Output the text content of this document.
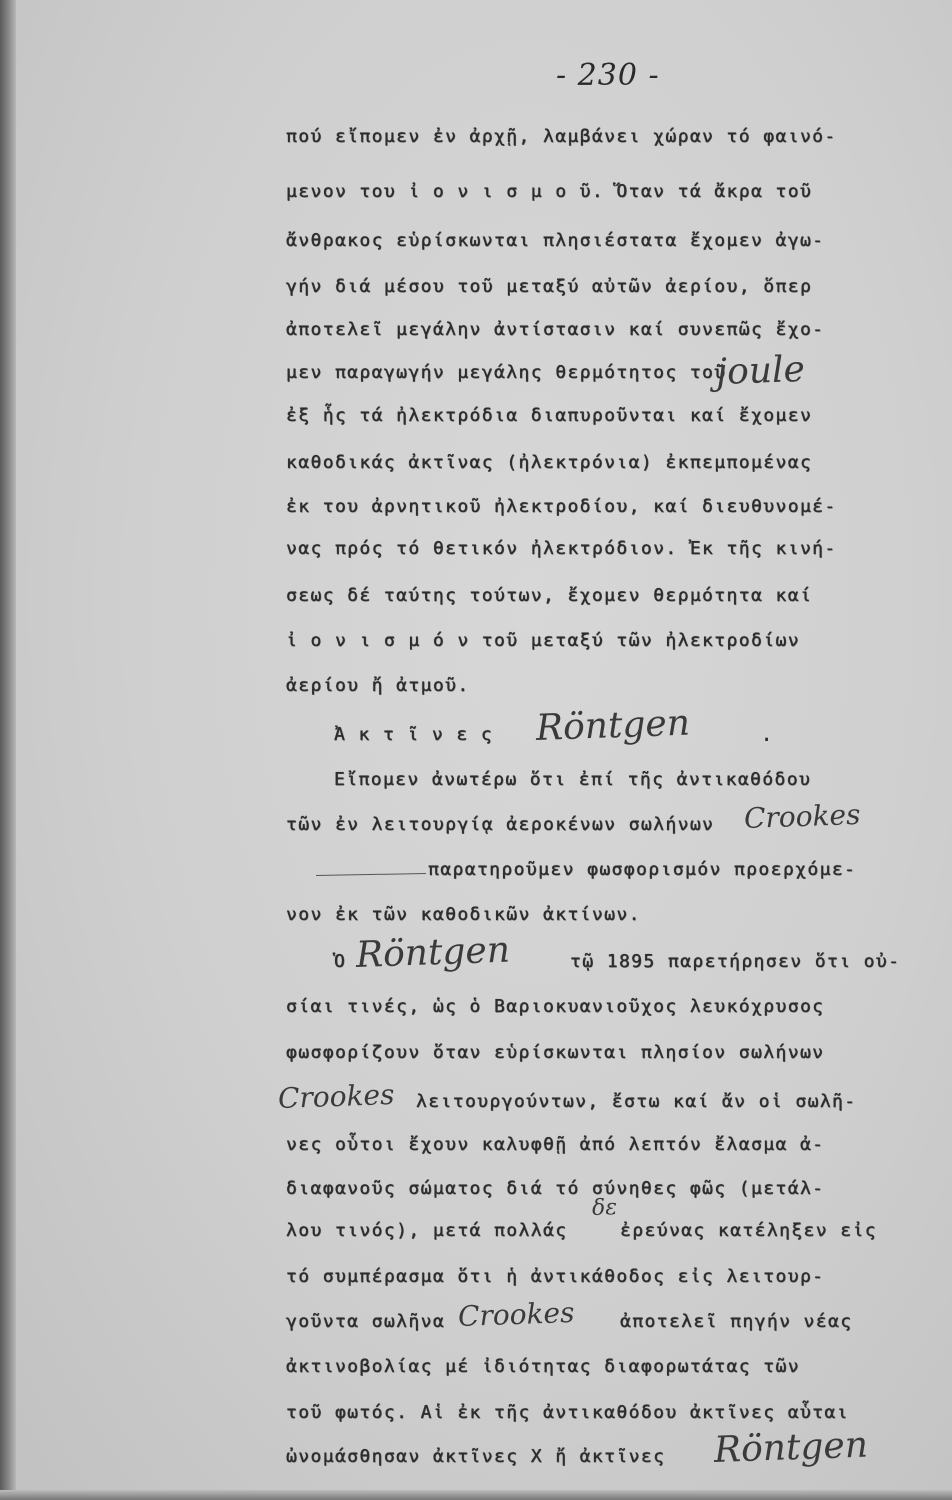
- 230 -
πού εἴπομεν ἐν ἀρχῇ, λαμβάνει χώραν τό φαινό-
μενον του ἰ ο ν ι σ μ ο ῦ. Ὅταν τά ἄκρα τοῦ
ἄνθρακος εὑρίσκωνται πλησιέστατα ἔχομεν ἀγω-
γήν διά μέσου τοῦ μεταξύ αὐτῶν ἀερίου, ὅπερ
ἀποτελεῖ μεγάλην ἀντίστασιν καί συνεπῶς ἔχο-
μεν παραγωγήν μεγάλης θερμότητος τοῦ
joule
ἐξ ἧς τά ἠλεκτρόδια διαπυροῦνται καί ἔχομεν
καθοδικάς ἀκτῖνας (ἠλεκτρόνια) ἐκπεμπομένας
ἐκ του ἀρνητικοῦ ἠλεκτροδίου, καί διευθυνομέ-
νας πρός τό θετικόν ἠλεκτρόδιον. Ἐκ τῆς κινή-
σεως δέ ταύτης τούτων, ἔχομεν θερμότητα καί
ἰ ο ν ι σ μ ό ν τοῦ μεταξύ τῶν ἠλεκτροδίων
ἀερίου ἤ ἀτμοῦ.
Ἀ κ τ ῖ ν ε ς Röntgen	.
Εἴπομεν ἀνωτέρω ὅτι ἐπί τῆς ἀντικαθόδου
τῶν ἐν λειτουργίᾳ ἀεροκένων σωλήνων Crookes
παρατηροῦμεν φωσφορισμόν προερχόμε-
νον ἐκ τῶν καθοδικῶν ἀκτίνων.
Ὁ Röntgen	τῷ 1895 παρετήρησεν ὅτι οὐ-
σίαι τινές, ὡς ὁ Βαριοκυανιοῦχος λευκόχρυσος
φωσφορίζουν ὅταν εὑρίσκωνται πλησίον σωλήνων
Crookes λειτουργούντων, ἔστω καί ἄν οἱ σωλῆ-
νες οὗτοι ἔχουν καλυφθῇ ἀπό λεπτόν ἔλασμα ἀ-
διαφανοῦς σώματος διά τό σύνηθες φῶς (μετάλ-
λου τινός), μετά πολλάς
δε
ἐρεύνας κατέληξεν εἰς
τό συμπέρασμα ὅτι ἡ ἀντικάθοδος εἰς λειτουρ-
γοῦντα σωλῆνα Crookes	ἀποτελεῖ πηγήν νέας
ἀκτινοβολίας μέ ἰδιότητας διαφορωτάτας τῶν
τοῦ φωτός. Αἱ ἐκ τῆς ἀντικαθόδου ἀκτῖνες αὗται
ὠνομάσθησαν ἀκτῖνες Χ ἤ ἀκτῖνες Röntgen
